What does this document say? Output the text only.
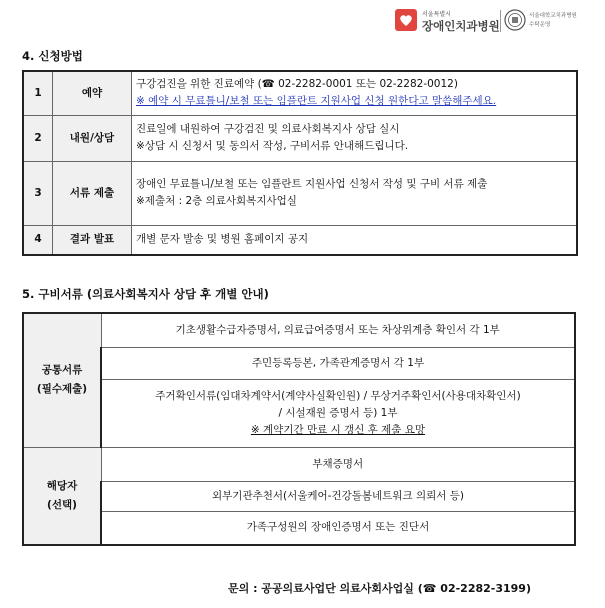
서울특별시
장애인치과병원
서울대학교치과병원
수탁운영
4. 신청방법
1	예약	구강검진을 위한 진료예약 (☎ 02-2282-0001 또는 02-2282-0012)
※ 예약 시 무료틀니/보철 또는 임플란트 지원사업 신청 원한다고 말씀해주세요.

2	내원/상담	진료일에 내원하여 구강검진 및 의료사회복지사 상담 실시
※상담 시 신청서 및 동의서 작성, 구비서류 안내해드립니다.

3	서류 제출	장애인 무료틀니/보철 또는 임플란트 지원사업 신청서 작성 및 구비 서류 제출
※제출처 : 2층 의료사회복지사업실

4	결과 발표	개별 문자 발송 및 병원 홈페이지 공지
5. 구비서류 (의료사회복지사 상담 후 개별 안내)
공통서류
(필수제출)	기초생활수급자증명서, 의료급여증명서 또는 차상위계층 확인서 각 1부
	주민등록등본, 가족관계증명서 각 1부

	주거확인서류(임대차계약서(계약사실확인원) / 무상거주확인서(사용대차확인서)
/ 시설재원 증명서 등) 1부
※ 계약기간 만료 시 갱신 후 제출 요망

해당자
(선택)	부채증명서
	외부기관추천서(서울케어-건강돌봄네트워크 의뢰서 등)
	가족구성원의 장애인증명서 또는 진단서
문의 : 공공의료사업단 의료사회사업실 (☎ 02-2282-3199)
